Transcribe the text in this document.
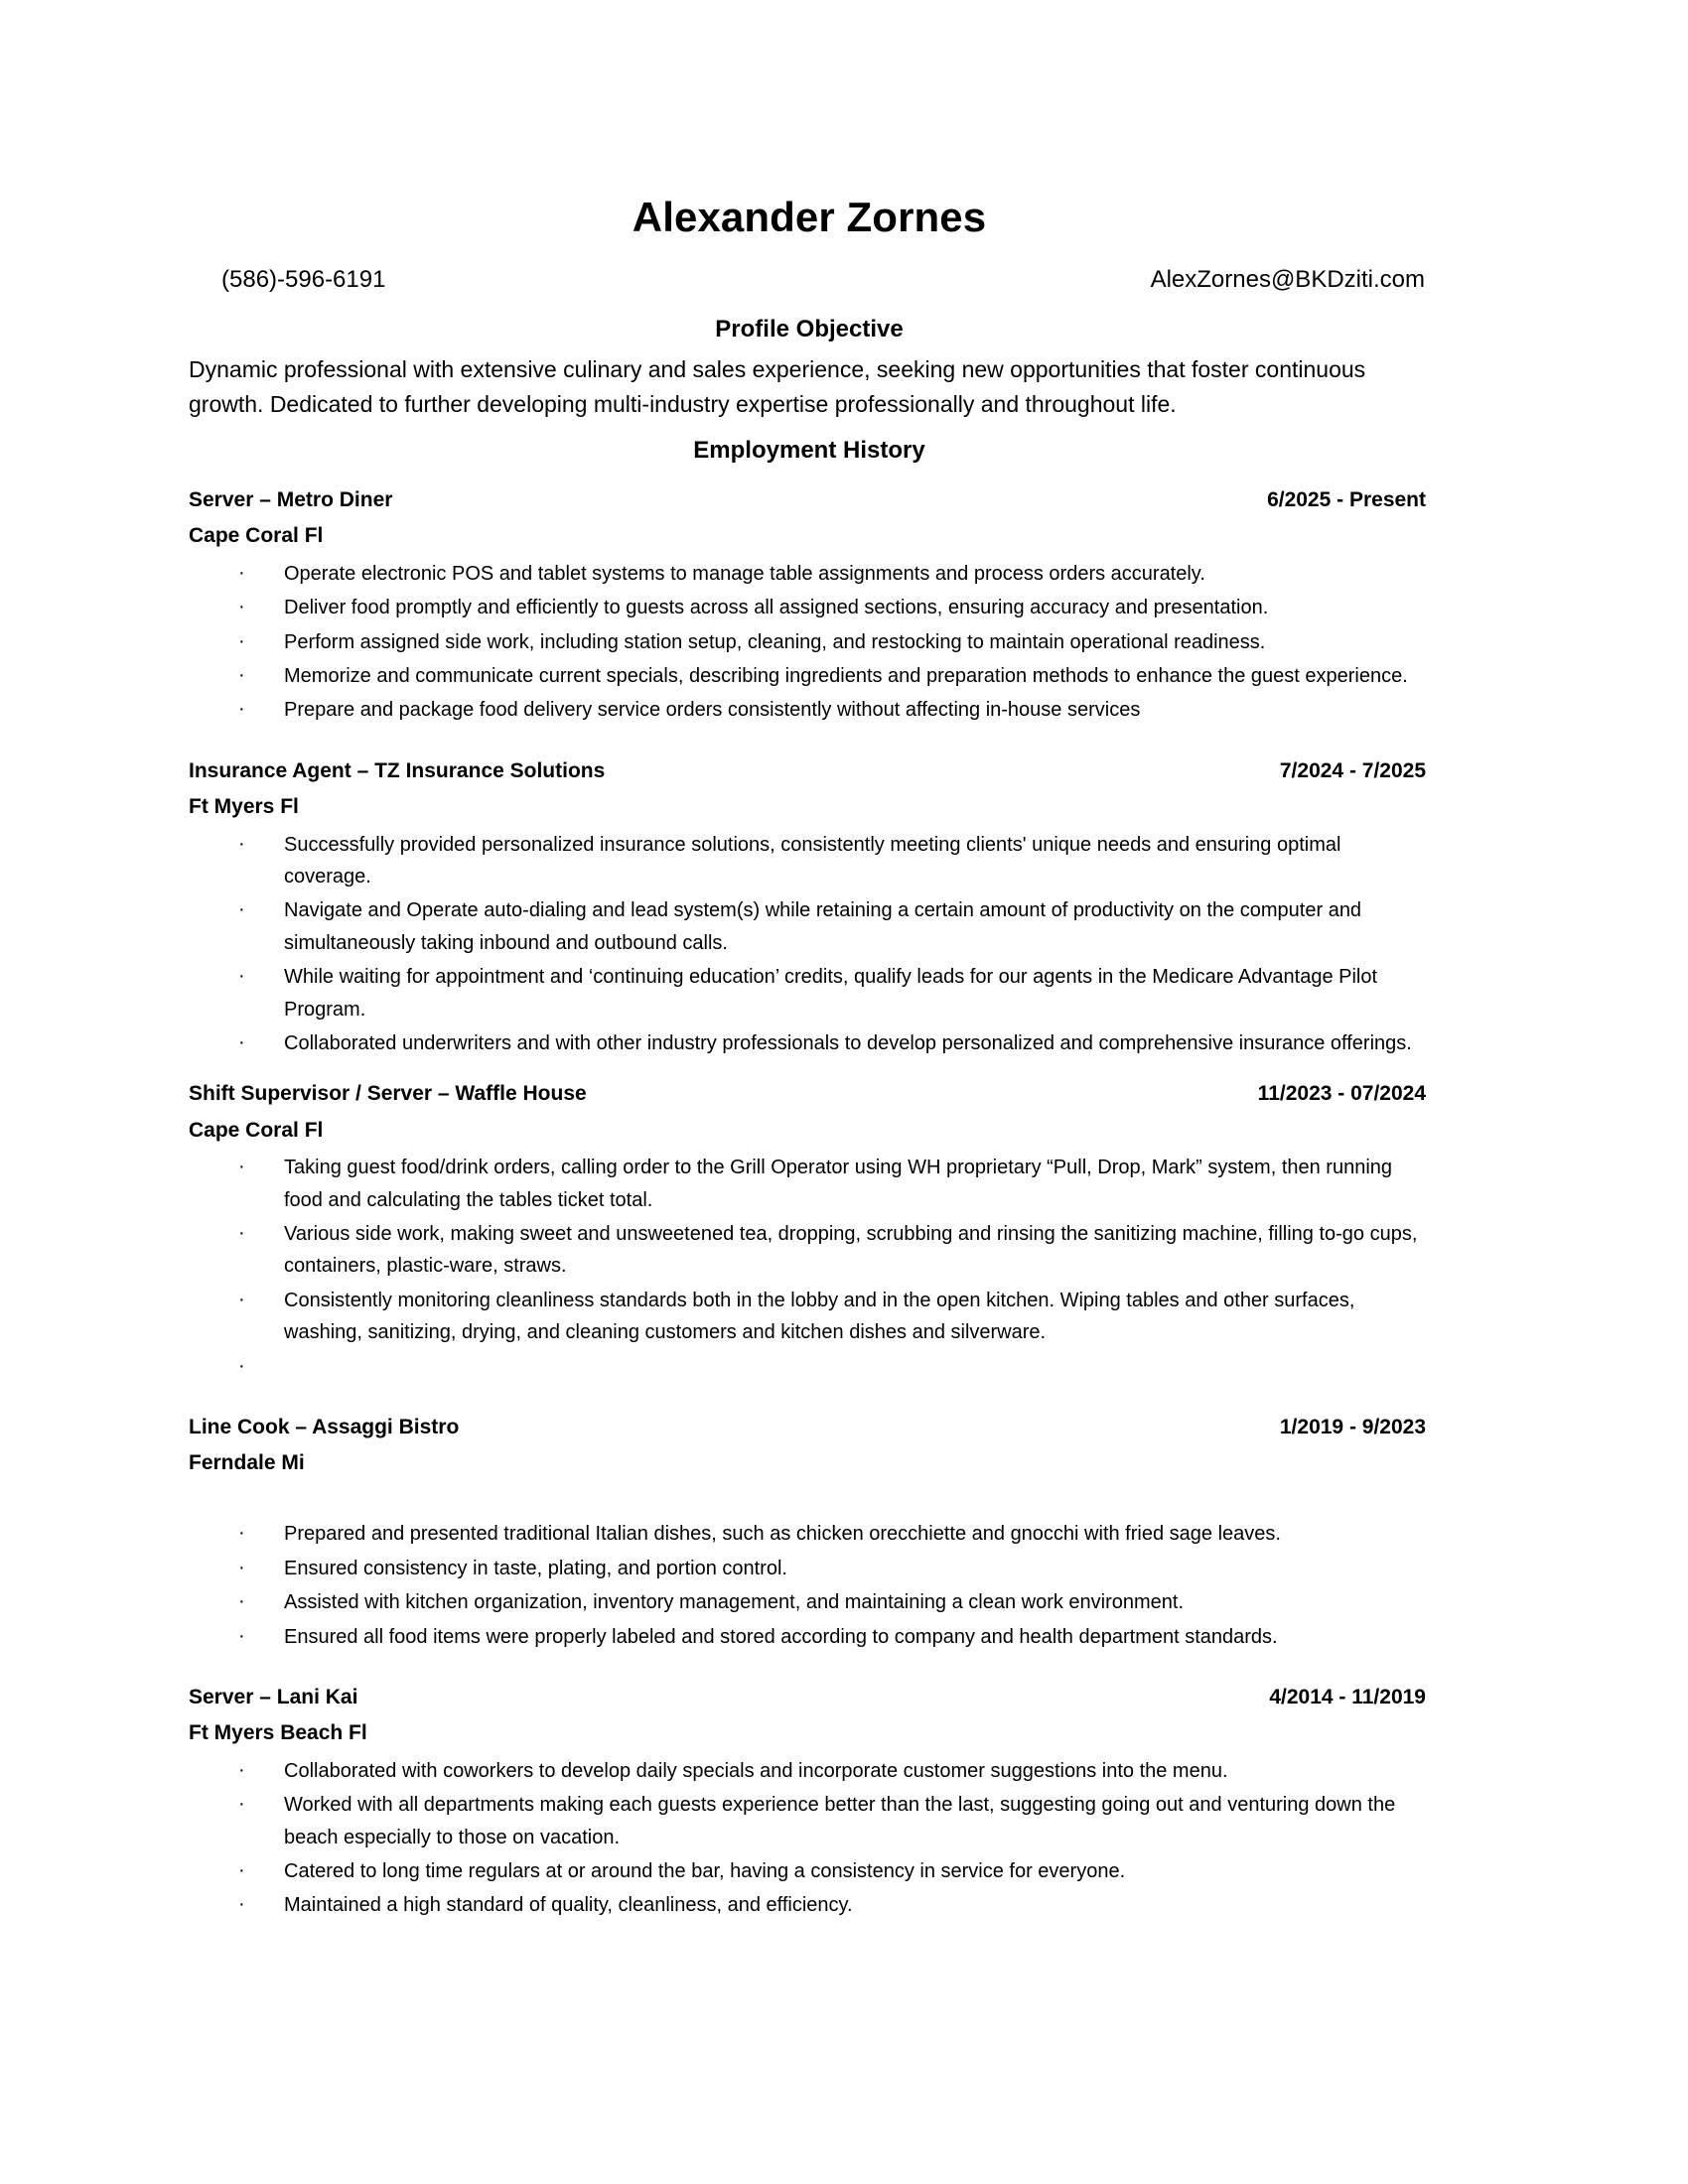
Alexander Zornes
(586)-596-6191	AlexZornes@BKDziti.com
Profile Objective

Dynamic professional with extensive culinary and sales experience, seeking new opportunities that foster continuous growth. Dedicated to further developing multi-industry expertise professionally and throughout life.

Employment History
Server – Metro Diner	6/2025 - Present
Cape Coral Fl
· Operate electronic POS and tablet systems to manage table assignments and process orders accurately.
· Deliver food promptly and efficiently to guests across all assigned sections, ensuring accuracy and presentation.
· Perform assigned side work, including station setup, cleaning, and restocking to maintain operational readiness.
· Memorize and communicate current specials, describing ingredients and preparation methods to enhance the guest experience.
· Prepare and package food delivery service orders consistently without affecting in-house services
Insurance Agent – TZ Insurance Solutions	7/2024 - 7/2025
Ft Myers Fl
· Successfully provided personalized insurance solutions, consistently meeting clients' unique needs and ensuring optimal coverage.
· Navigate and Operate auto-dialing and lead system(s) while retaining a certain amount of productivity on the computer and simultaneously taking inbound and outbound calls.
· While waiting for appointment and ‘continuing education’ credits, qualify leads for our agents in the Medicare Advantage Pilot Program.
· Collaborated underwriters and with other industry professionals to develop personalized and comprehensive insurance offerings.
Shift Supervisor / Server – Waffle House	11/2023 - 07/2024
Cape Coral Fl
· Taking guest food/drink orders, calling order to the Grill Operator using WH proprietary “Pull, Drop, Mark” system, then running food and calculating the tables ticket total.
· Various side work, making sweet and unsweetened tea, dropping, scrubbing and rinsing the sanitizing machine, filling to-go cups, containers, plastic-ware, straws.
· Consistently monitoring cleanliness standards both in the lobby and in the open kitchen. Wiping tables and other surfaces, washing, sanitizing, drying, and cleaning customers and kitchen dishes and silverware.
·
Line Cook – Assaggi Bistro	1/2019 - 9/2023
Ferndale Mi
· Prepared and presented traditional Italian dishes, such as chicken orecchiette and gnocchi with fried sage leaves.
· Ensured consistency in taste, plating, and portion control.
· Assisted with kitchen organization, inventory management, and maintaining a clean work environment.
· Ensured all food items were properly labeled and stored according to company and health department standards.
Server – Lani Kai	4/2014 - 11/2019
Ft Myers Beach Fl
· Collaborated with coworkers to develop daily specials and incorporate customer suggestions into the menu.
· Worked with all departments making each guests experience better than the last, suggesting going out and venturing down the beach especially to those on vacation.
· Catered to long time regulars at or around the bar, having a consistency in service for everyone.
· Maintained a high standard of quality, cleanliness, and efficiency.
